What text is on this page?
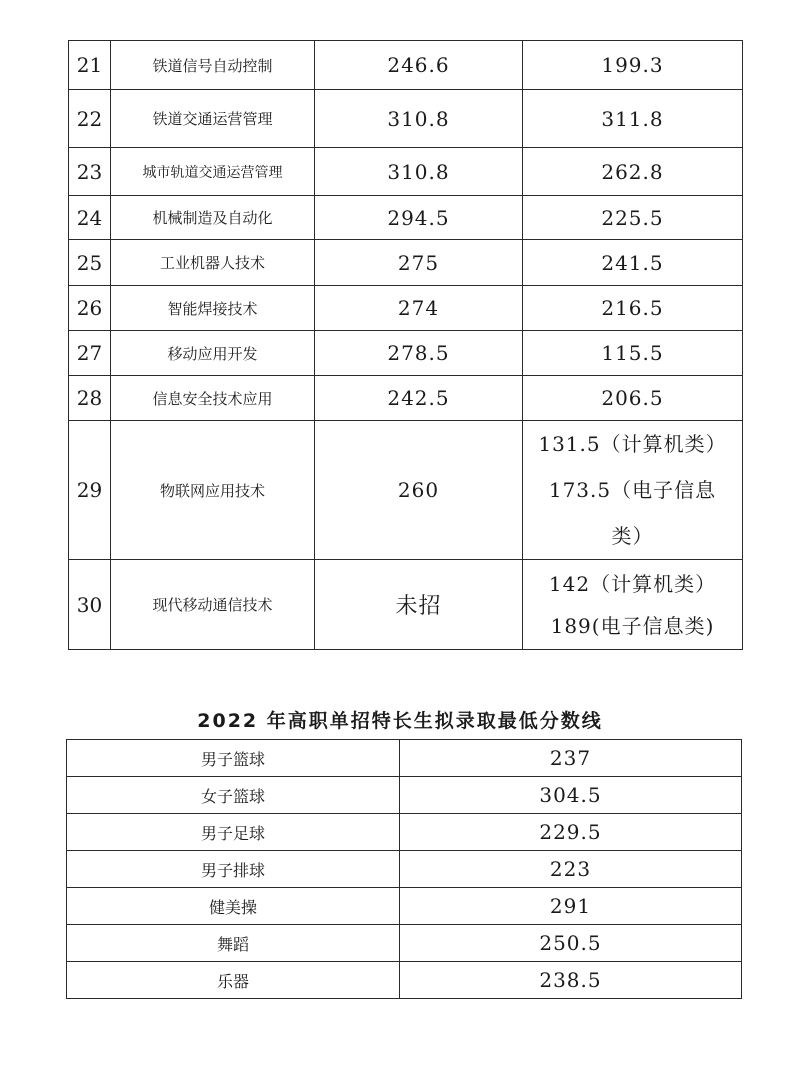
21	铁道信号自动控制	246.6	199.3
22	铁道交通运营管理	310.8	311.8
23	城市轨道交通运营管理	310.8	262.8
24	机械制造及自动化	294.5	225.5
25	工业机器人技术	275	241.5
26	智能焊接技术	274	216.5
27	移动应用开发	278.5	115.5
28	信息安全技术应用	242.5	206.5
29	物联网应用技术	260	131.5（计算机类）
173.5（电子信息
类）

30	现代移动通信技术	未招	142（计算机类）
189(电子信息类)
2022 年高职单招特长生拟录取最低分数线
男子篮球	237
女子篮球	304.5
男子足球	229.5
男子排球	223
健美操	291
舞蹈	250.5
乐器	238.5
